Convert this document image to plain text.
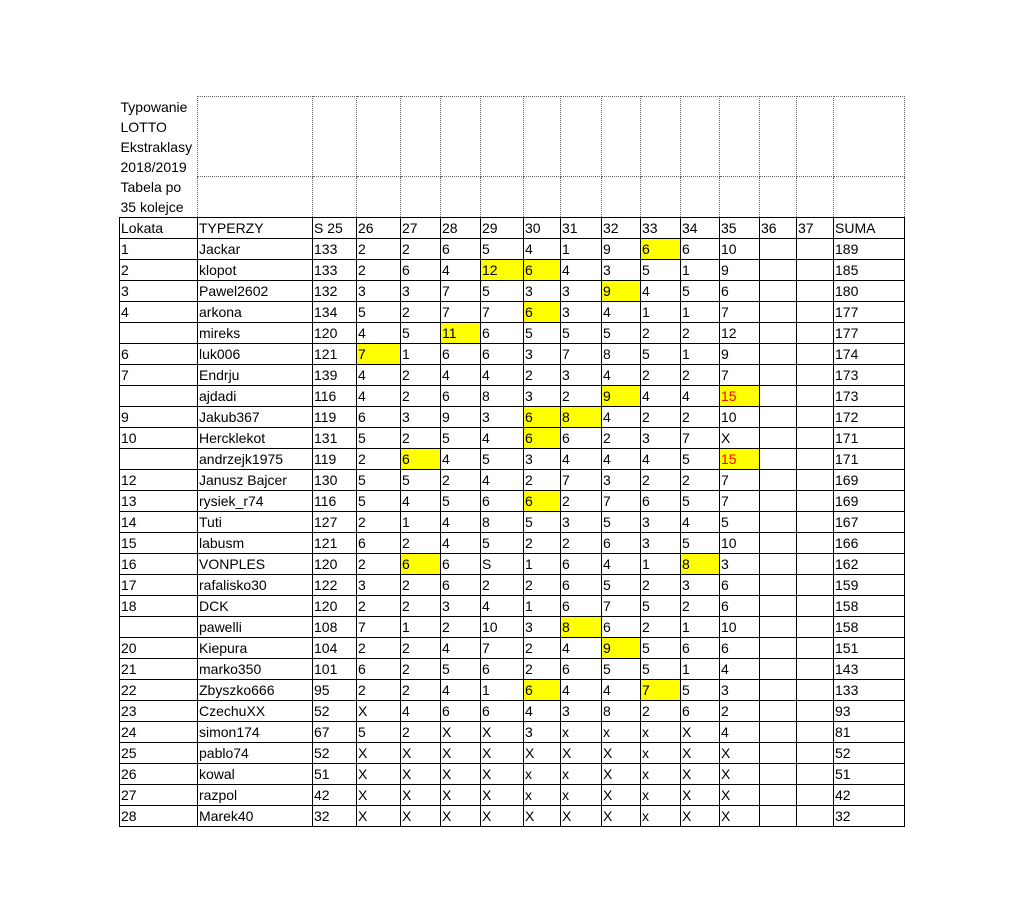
Typowanie LOTTO Ekstraklasy 2018/2019															
Tabela po 35 kolejce															
Lokata	TYPERZY	S 25	26	27	28	29	30	31	32	33	34	35	36	37	SUMA
1	Jackar	133	2	2	6	5	4	1	9	6	6	10			189
2	klopot	133	2	6	4	12	6	4	3	5	1	9			185
3	Pawel2602	132	3	3	7	5	3	3	9	4	5	6			180
4	arkona	134	5	2	7	7	6	3	4	1	1	7			177
	mireks	120	4	5	11	6	5	5	5	2	2	12			177
6	luk006	121	7	1	6	6	3	7	8	5	1	9			174
7	Endrju	139	4	2	4	4	2	3	4	2	2	7			173
	ajdadi	116	4	2	6	8	3	2	9	4	4	15			173
9	Jakub367	119	6	3	9	3	6	8	4	2	2	10			172
10	Hercklekot	131	5	2	5	4	6	6	2	3	7	X			171
	andrzejk1975	119	2	6	4	5	3	4	4	4	5	15			171
12	Janusz Bajcer	130	5	5	2	4	2	7	3	2	2	7			169
13	rysiek_r74	116	5	4	5	6	6	2	7	6	5	7			169
14	Tuti	127	2	1	4	8	5	3	5	3	4	5			167
15	labusm	121	6	2	4	5	2	2	6	3	5	10			166
16	VONPLES	120	2	6	6	S	1	6	4	1	8	3			162
17	rafalisko30	122	3	2	6	2	2	6	5	2	3	6			159
18	DCK	120	2	2	3	4	1	6	7	5	2	6			158
	pawelli	108	7	1	2	10	3	8	6	2	1	10			158
20	Kiepura	104	2	2	4	7	2	4	9	5	6	6			151
21	marko350	101	6	2	5	6	2	6	5	5	1	4			143
22	Zbyszko666	95	2	2	4	1	6	4	4	7	5	3			133
23	CzechuXX	52	X	4	6	6	4	3	8	2	6	2			93
24	simon174	67	5	2	X	X	3	x	x	x	X	4			81
25	pablo74	52	X	X	X	X	X	X	X	x	X	X			52
26	kowal	51	X	X	X	X	x	x	X	x	X	X			51
27	razpol	42	X	X	X	X	x	x	X	x	X	X			42
28	Marek40	32	X	X	X	X	X	X	X	x	X	X			32
